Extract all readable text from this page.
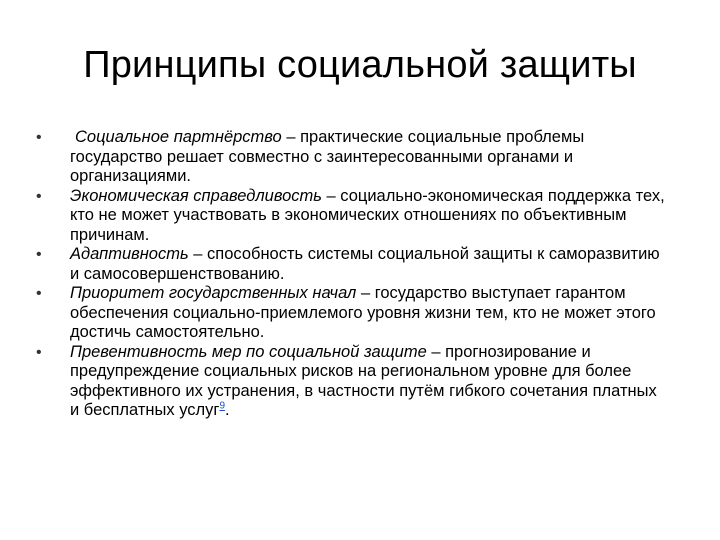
Принципы социальной защиты
•	Социальное партнёрство – практические социальные проблемы государство решает совместно с заинтересованными органами и организациями.
•	Экономическая справедливость – социально-экономическая поддержка тех, кто не может участвовать в экономических отношениях по объективным причинам.
•	Адаптивность – способность системы социальной защиты к саморазвитию и самосовершенствованию.
•	Приоритет государственных начал – государство выступает гарантом обеспечения социально-приемлемого уровня жизни тем, кто не может этого достичь самостоятельно.
•	Превентивность мер по социальной защите – прогнозирование и предупреждение социальных рисков на региональном уровне для более эффективного их устранения, в частности путём гибкого сочетания платных и бесплатных услуг$^9$.
